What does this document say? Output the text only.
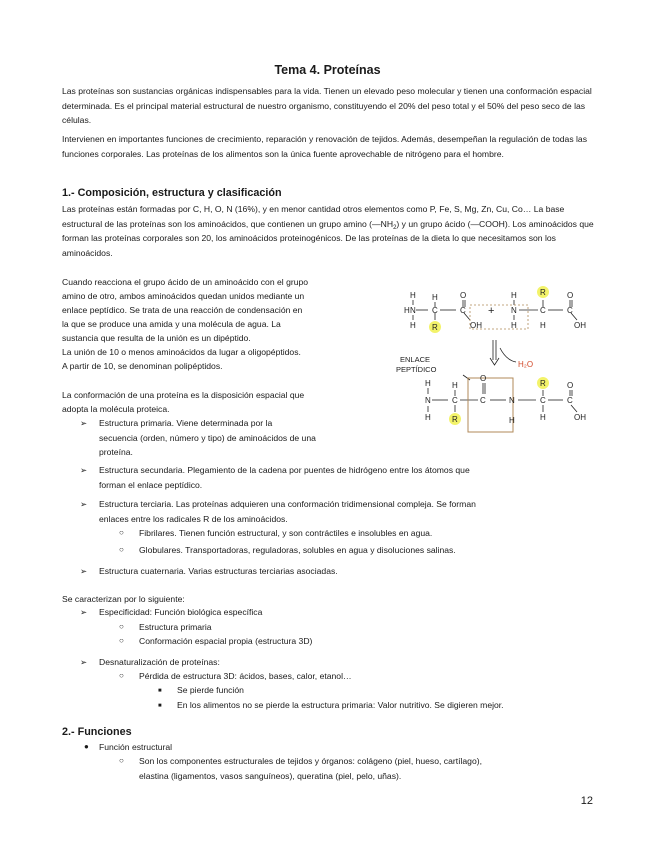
Tema 4. Proteínas

Las proteínas son sustancias orgánicas indispensables para la vida. Tienen un elevado peso molecular y tienen una conformación espacial determinada. Es el principal material estructural de nuestro organismo, constituyendo el 20% del peso total y el 50% del peso seco de las células.

Intervienen en importantes funciones de crecimiento, reparación y renovación de tejidos. Además, desempeñan la regulación de todas las funciones corporales. Las proteínas de los alimentos son la única fuente aprovechable de nitrógeno para el hombre.

1.- Composición, estructura y clasificación

Las proteínas están formadas por C, H, O, N (16%), y en menor cantidad otros elementos como P, Fe, S, Mg, Zn, Cu, Co… La base estructural de las proteínas son los aminoácidos, que contienen un grupo amino $(—NH_2)$ y un grupo ácido (—COOH). Los aminoácidos que forman las proteínas corporales son 20, los aminoácidos proteinogénicos. De las proteínas de la dieta lo que necesitamos son los aminoácidos.

Cuando reacciona el grupo ácido de un aminoácido con el grupo
amino de otro, ambos aminoácidos quedan unidos mediante un
enlace peptídico. Se trata de una reacción de condensación en
la que se produce una amida y una molécula de agua. La
sustancia que resulta de la unión es un dipéptido.
La unión de 10 o menos aminoácidos da lugar a oligopéptidos.
A partir de 10, se denominan polipéptidos.
La conformación de una proteína es la disposición espacial que
adopta la molécula proteica.
➢ Estructura primaria. Viene determinada por la
secuencia (orden, número y tipo) de aminoácidos de una
proteína.
➢ Estructura secundaria. Plegamiento de la cadena por puentes de hidrógeno entre los átomos que
forman el enlace peptídico.
➢ Estructura terciaria. Las proteínas adquieren una conformación tridimensional compleja. Se forman
enlaces entre los radicales R de los aminoácidos.
○ Fibrilares. Tienen función estructural, y son contráctiles e insolubles en agua.
○ Globulares. Transportadoras, reguladoras, solubles en agua y disoluciones salinas.
➢ Estructura cuaternaria. Varias estructuras terciarias asociadas.
Se caracterizan por lo siguiente:
➢ Especificidad: Función biológica específica
○ Estructura primaria
○ Conformación espacial propia (estructura 3D)
➢ Desnaturalización de proteínas:
○ Pérdida de estructura 3D: ácidos, bases, calor, etanol…
■ Se pierde función
■ En los alimentos no se pierde la estructura primaria: Valor nutritivo. Se digieren mejor.
2.- Funciones
● Función estructural
○ Son los componentes estructurales de tejidos y órganos: colágeno (piel, hueso, cartílago),
elastina (ligamentos, vasos sanguíneos), queratina (piel, pelo, uñas).
12
H
H
H
N
H
C
R
O
C
OH
+
H
N
H
R
C
H
O
C
OH
ENLACE
PEPTÍDICO
H₂O
H
N
H
H
C
R
O
C	N
H
R
C
H
O
C
OH
